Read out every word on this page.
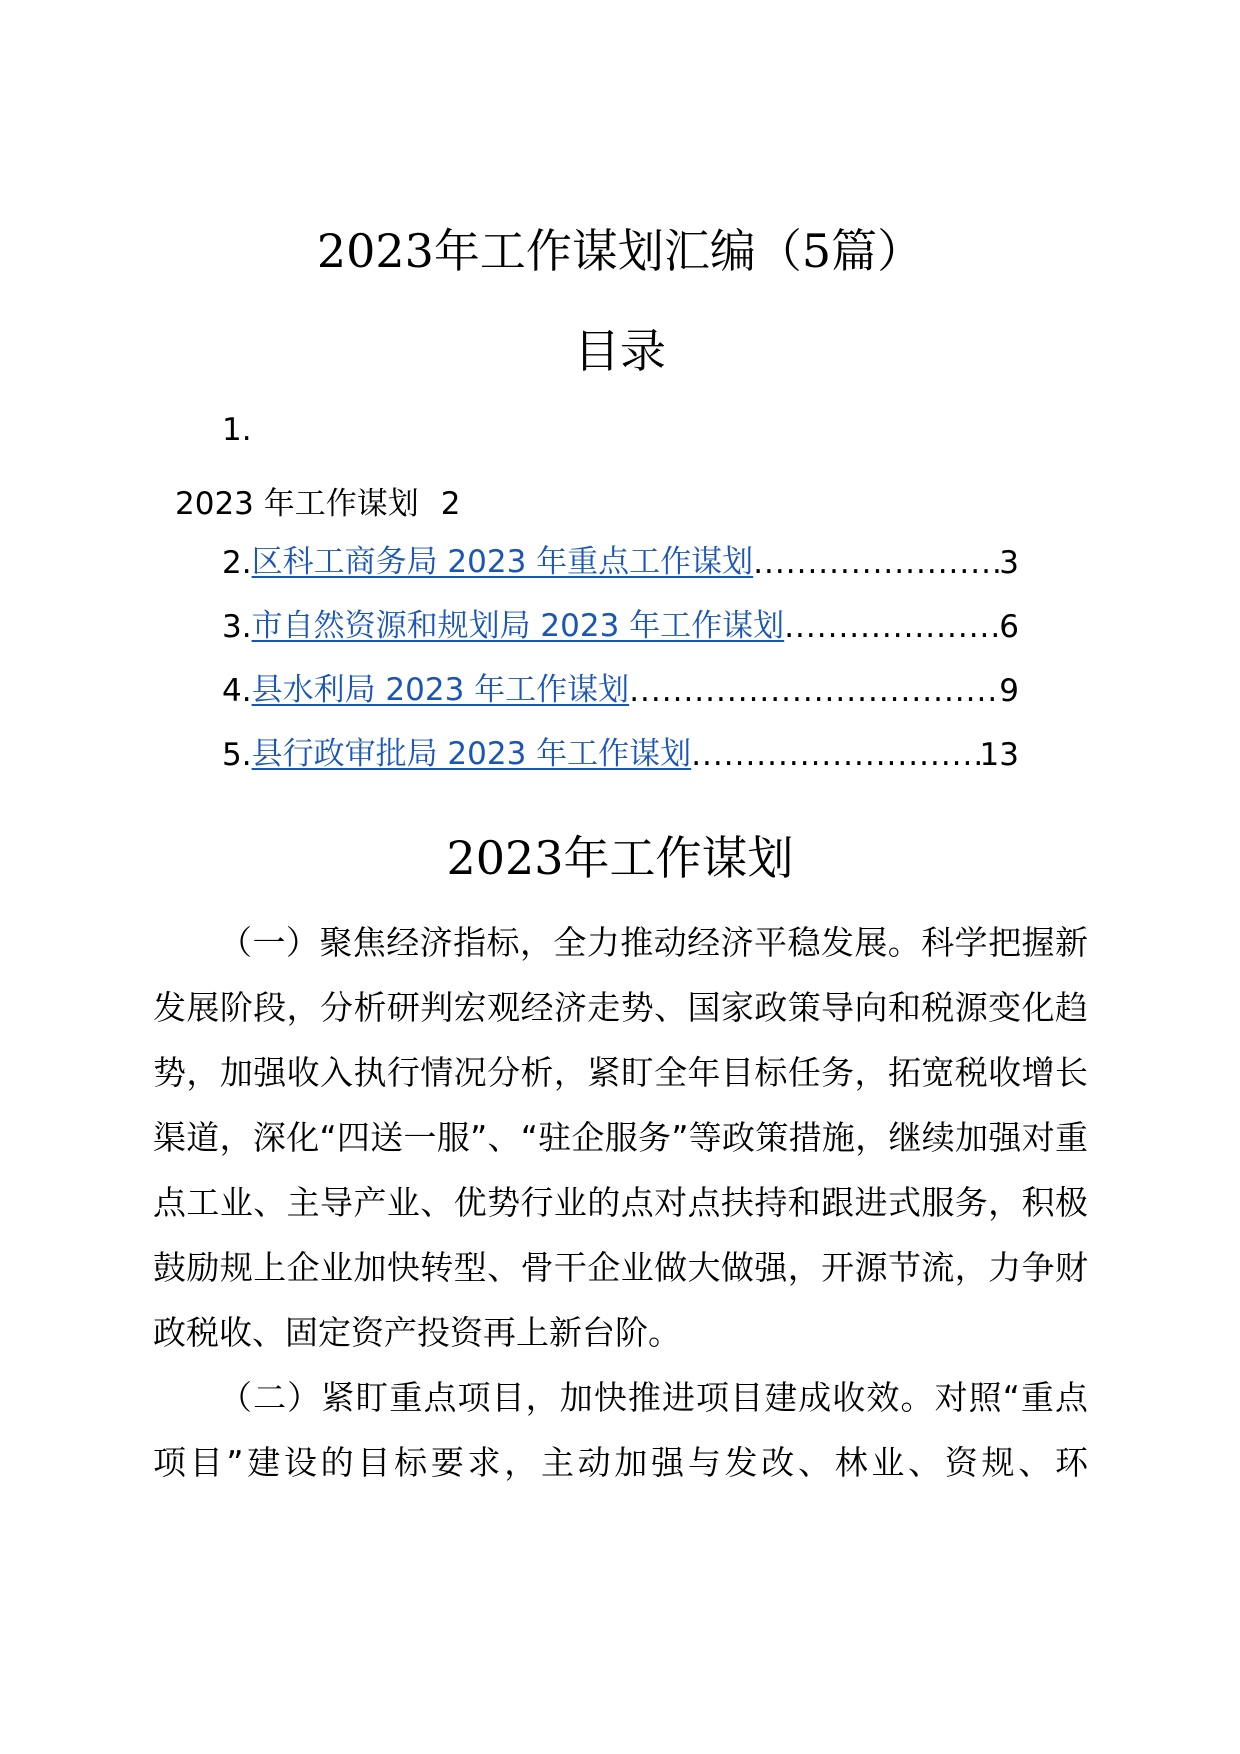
2023年工作谋划汇编（5篇）
目录
1.
2023 年工作谋划 2
2. 区科工商务局 2023 年重点工作谋划 .....	3
3. 市自然资源和规划局 2023 年工作谋划 .....	6
4. 县水利局 2023 年工作谋划 .....	9
5. 县行政审批局 2023 年工作谋划 .....	13
2023年工作谋划
（一）聚焦经济指标，全力推动经济平稳发展。科学把握新发展阶段，分析研判宏观经济走势、国家政策导向和税源变化趋势，加强收入执行情况分析，紧盯全年目标任务，拓宽税收增长渠道，深化“四送一服”、“驻企服务”等政策措施，继续加强对重点工业、主导产业、优势行业的点对点扶持和跟进式服务，积极鼓励规上企业加快转型、骨干企业做大做强，开源节流，力争财政税收、固定资产投资再上新台阶。
（二）紧盯重点项目，加快推进项目建成收效。对照“重点项目”建设的目标要求，主动加强与发改、林业、资规、环
